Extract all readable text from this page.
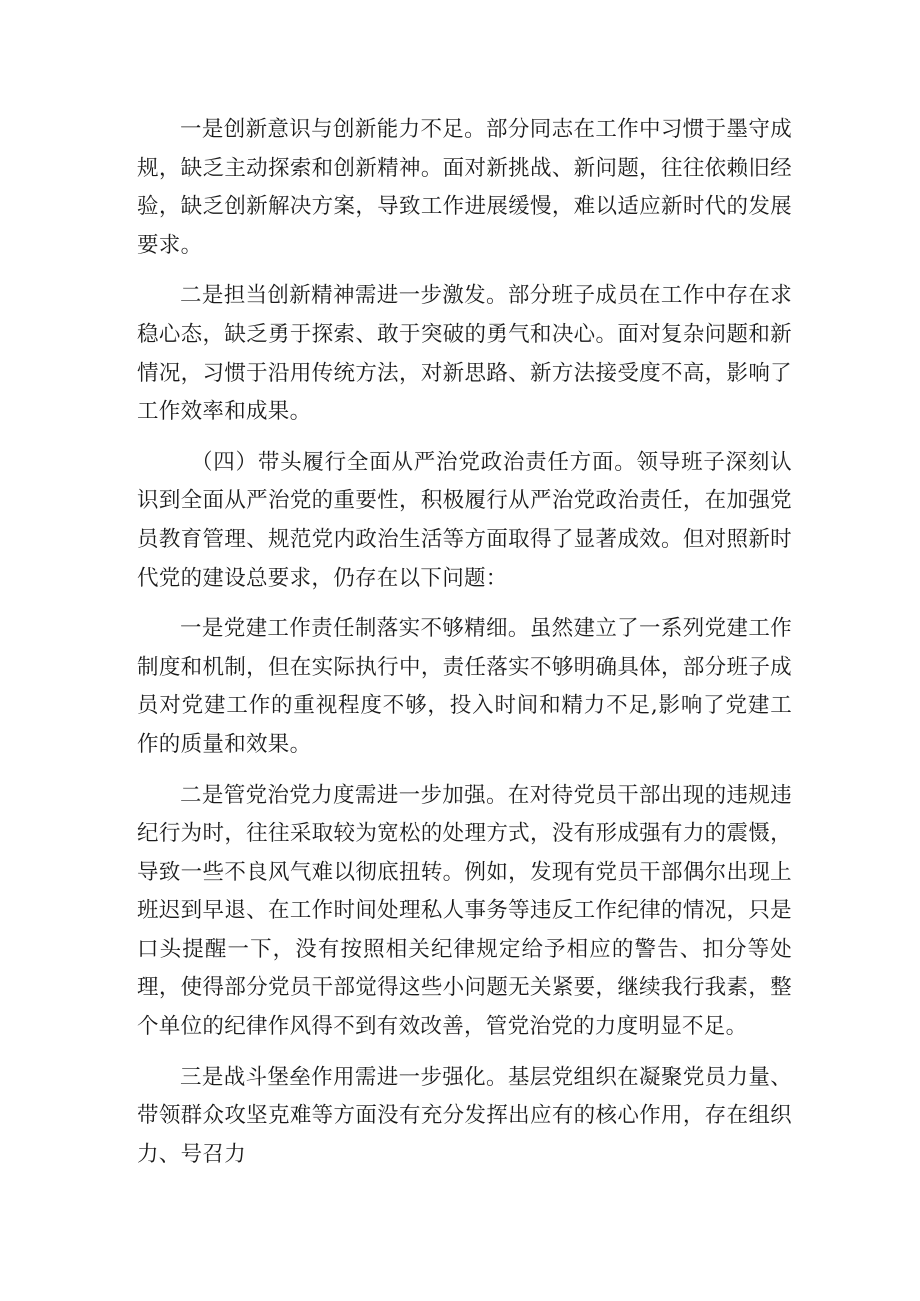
一是创新意识与创新能力不足。部分同志在工作中习惯于墨守成规，缺乏主动探索和创新精神。面对新挑战、新问题，往往依赖旧经验，缺乏创新解决方案，导致工作进展缓慢，难以适应新时代的发展要求。

二是担当创新精神需进一步激发。部分班子成员在工作中存在求稳心态，缺乏勇于探索、敢于突破的勇气和决心。面对复杂问题和新情况，习惯于沿用传统方法，对新思路、新方法接受度不高，影响了工作效率和成果。

（四）带头履行全面从严治党政治责任方面。领导班子深刻认识到全面从严治党的重要性，积极履行从严治党政治责任，在加强党员教育管理、规范党内政治生活等方面取得了显著成效。但对照新时代党的建设总要求，仍存在以下问题：

一是党建工作责任制落实不够精细。虽然建立了一系列党建工作制度和机制，但在实际执行中，责任落实不够明确具体，部分班子成员对党建工作的重视程度不够，投入时间和精力不足,影响了党建工作的质量和效果。

二是管党治党力度需进一步加强。在对待党员干部出现的违规违纪行为时，往往采取较为宽松的处理方式，没有形成强有力的震慑，导致一些不良风气难以彻底扭转。例如，发现有党员干部偶尔出现上班迟到早退、在工作时间处理私人事务等违反工作纪律的情况，只是口头提醒一下，没有按照相关纪律规定给予相应的警告、扣分等处理，使得部分党员干部觉得这些小问题无关紧要，继续我行我素，整个单位的纪律作风得不到有效改善，管党治党的力度明显不足。

三是战斗堡垒作用需进一步强化。基层党组织在凝聚党员力量、带领群众攻坚克难等方面没有充分发挥出应有的核心作用，存在组织力、号召力
